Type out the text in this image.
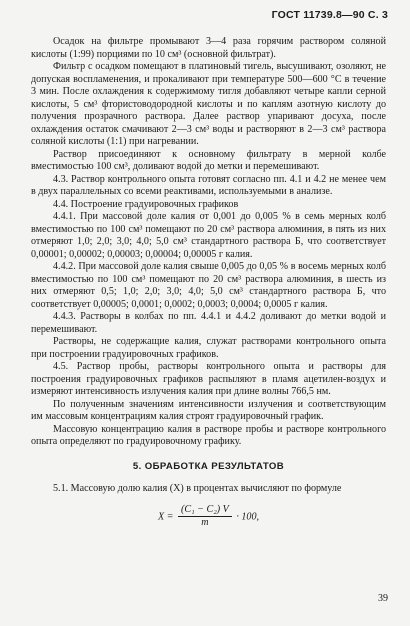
ГОСТ 11739.8—90 С. 3

Осадок на фильтре промывают 3—4 раза горячим раствором соляной кислоты (1:99) порциями по 10 см³ (основной фильтрат).

Фильтр с осадком помещают в платиновый тигель, высушивают, озоляют, не допуская воспламенения, и прокаливают при температуре 500—600 °С в течение 3 мин. После охлаждения к содержимому тигля добавляют четыре капли серной кислоты, 5 см³ фтористоводородной кислоты и по каплям азотную кислоту до получения прозрачного раствора. Далее раствор упаривают досуха, после охлаждения остаток смачивают 2—3 см³ воды и растворяют в 2—3 см³ раствора соляной кислоты (1:1) при нагревании.

Раствор присоединяют к основному фильтрату в мерной колбе вместимостью 100 см³, доливают водой до метки и перемешивают.

4.3. Раствор контрольного опыта готовят согласно пп. 4.1 и 4.2 не менее чем в двух параллельных со всеми реактивами, используемыми в анализе.

4.4. Построение градуировочных графиков

4.4.1. При массовой доле калия от 0,001 до 0,005 % в семь мерных колб вместимостью по 100 см³ помещают по 20 см³ раствора алюминия, в пять из них отмеряют 1,0; 2,0; 3,0; 4,0; 5,0 см³ стандартного раствора Б, что соответствует 0,00001; 0,00002; 0,00003; 0,00004; 0,00005 г калия.

4.4.2. При массовой доле калия свыше 0,005 до 0,05 % в восемь мерных колб вместимостью по 100 см³ помещают по 20 см³ раствора алюминия, в шесть из них отмеряют 0,5; 1,0; 2,0; 3,0; 4,0; 5,0 см³ стандартного раствора Б, что соответствует 0,00005; 0,0001; 0,0002; 0,0003; 0,0004; 0,0005 г калия.

4.4.3. Растворы в колбах по пп. 4.4.1 и 4.4.2 доливают до метки водой и перемешивают.

Растворы, не содержащие калия, служат растворами контрольного опыта при построении градуировочных графиков.

4.5. Раствор пробы, растворы контрольного опыта и растворы для построения градуировочных графиков распыляют в пламя ацетилен-воздух и измеряют интенсивность излучения калия при длине волны 766,5 нм.

По полученным значениям интенсивности излучения и соответствующим им массовым концентрациям калия строят градуировочный график.

Массовую концентрацию калия в растворе пробы и растворе контрольного опыта определяют по градуировочному графику.

5. ОБРАБОТКА РЕЗУЛЬТАТОВ

5.1. Массовую долю калия (X) в процентах вычисляют по формуле

$X = \frac{\text{(C₁ − C₂) V}}{m} \cdot 100$,
39
